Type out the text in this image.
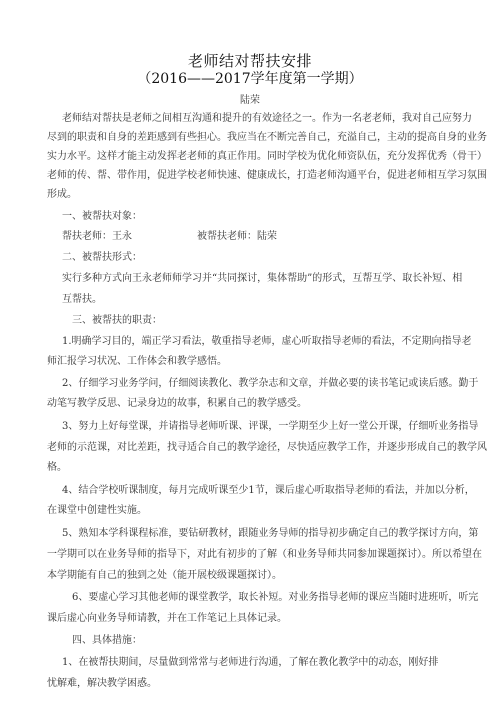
老师结对帮扶安排
（2016——2017学年度第一学期）
陆荣
老师结对帮扶是老师之间相互沟通和提升的有效途径之一。作为一名老老师，我对自己应努力
尽到的职责和自身的差距感到有些担心。我应当在不断完善自己，充溢自己，主动的提高自身的业务
实力水平。这样才能主动发挥老老师的真正作用。同时学校为优化师资队伍，充分发挥优秀（骨干）
老师的传、帮、带作用，促进学校老师快速、健康成长，打造老师沟通平台，促进老师相互学习氛围
形成。
一、被帮扶对象：
帮扶老师：王永	被帮扶老师：陆荣
二、被帮扶形式：
实行多种方式向王永老师师学习并“共同探讨，集体帮助”的形式，互帮互学、取长补短、相
互帮扶。
三、被帮扶的职责：
1.明确学习目的，端正学习看法，敬重指导老师，虚心听取指导老师的看法，不定期向指导老
师汇报学习状况、工作体会和教学感悟。
2、仔细学习业务学问，仔细阅读教化、教学杂志和文章，并做必要的读书笔记或读后感。勤于
动笔写教学反思、记录身边的故事，积累自己的教学感受。
3、努力上好每堂课，并请指导老师听课、评课，一学期至少上好一堂公开课，仔细听业务指导
老师的示范课，对比差距，找寻适合自己的教学途径，尽快适应教学工作，并逐步形成自己的教学风
格。
4、结合学校听课制度，每月完成听课至少1节，课后虚心听取指导老师的看法，并加以分析，
在课堂中创建性实施。
5、熟知本学科课程标准，要钻研教材，跟随业务导师的指导初步确定自己的教学探讨方向，第
一学期可以在业务导师的指导下，对此有初步的了解（和业务导师共同参加课题探讨）。所以希望在
本学期能有自己的独到之处（能开展校级课题探讨）。
6、要虚心学习其他老师的课堂教学，取长补短。对业务指导老师的课应当随时进班听，听完
课后虚心向业务导师请教，并在工作笔记上具体记录。
四、具体措施：
1、在被帮扶期间，尽量做到常常与老师进行沟通，了解在教化教学中的动态，刚好排
忧解难，解决教学困惑。
